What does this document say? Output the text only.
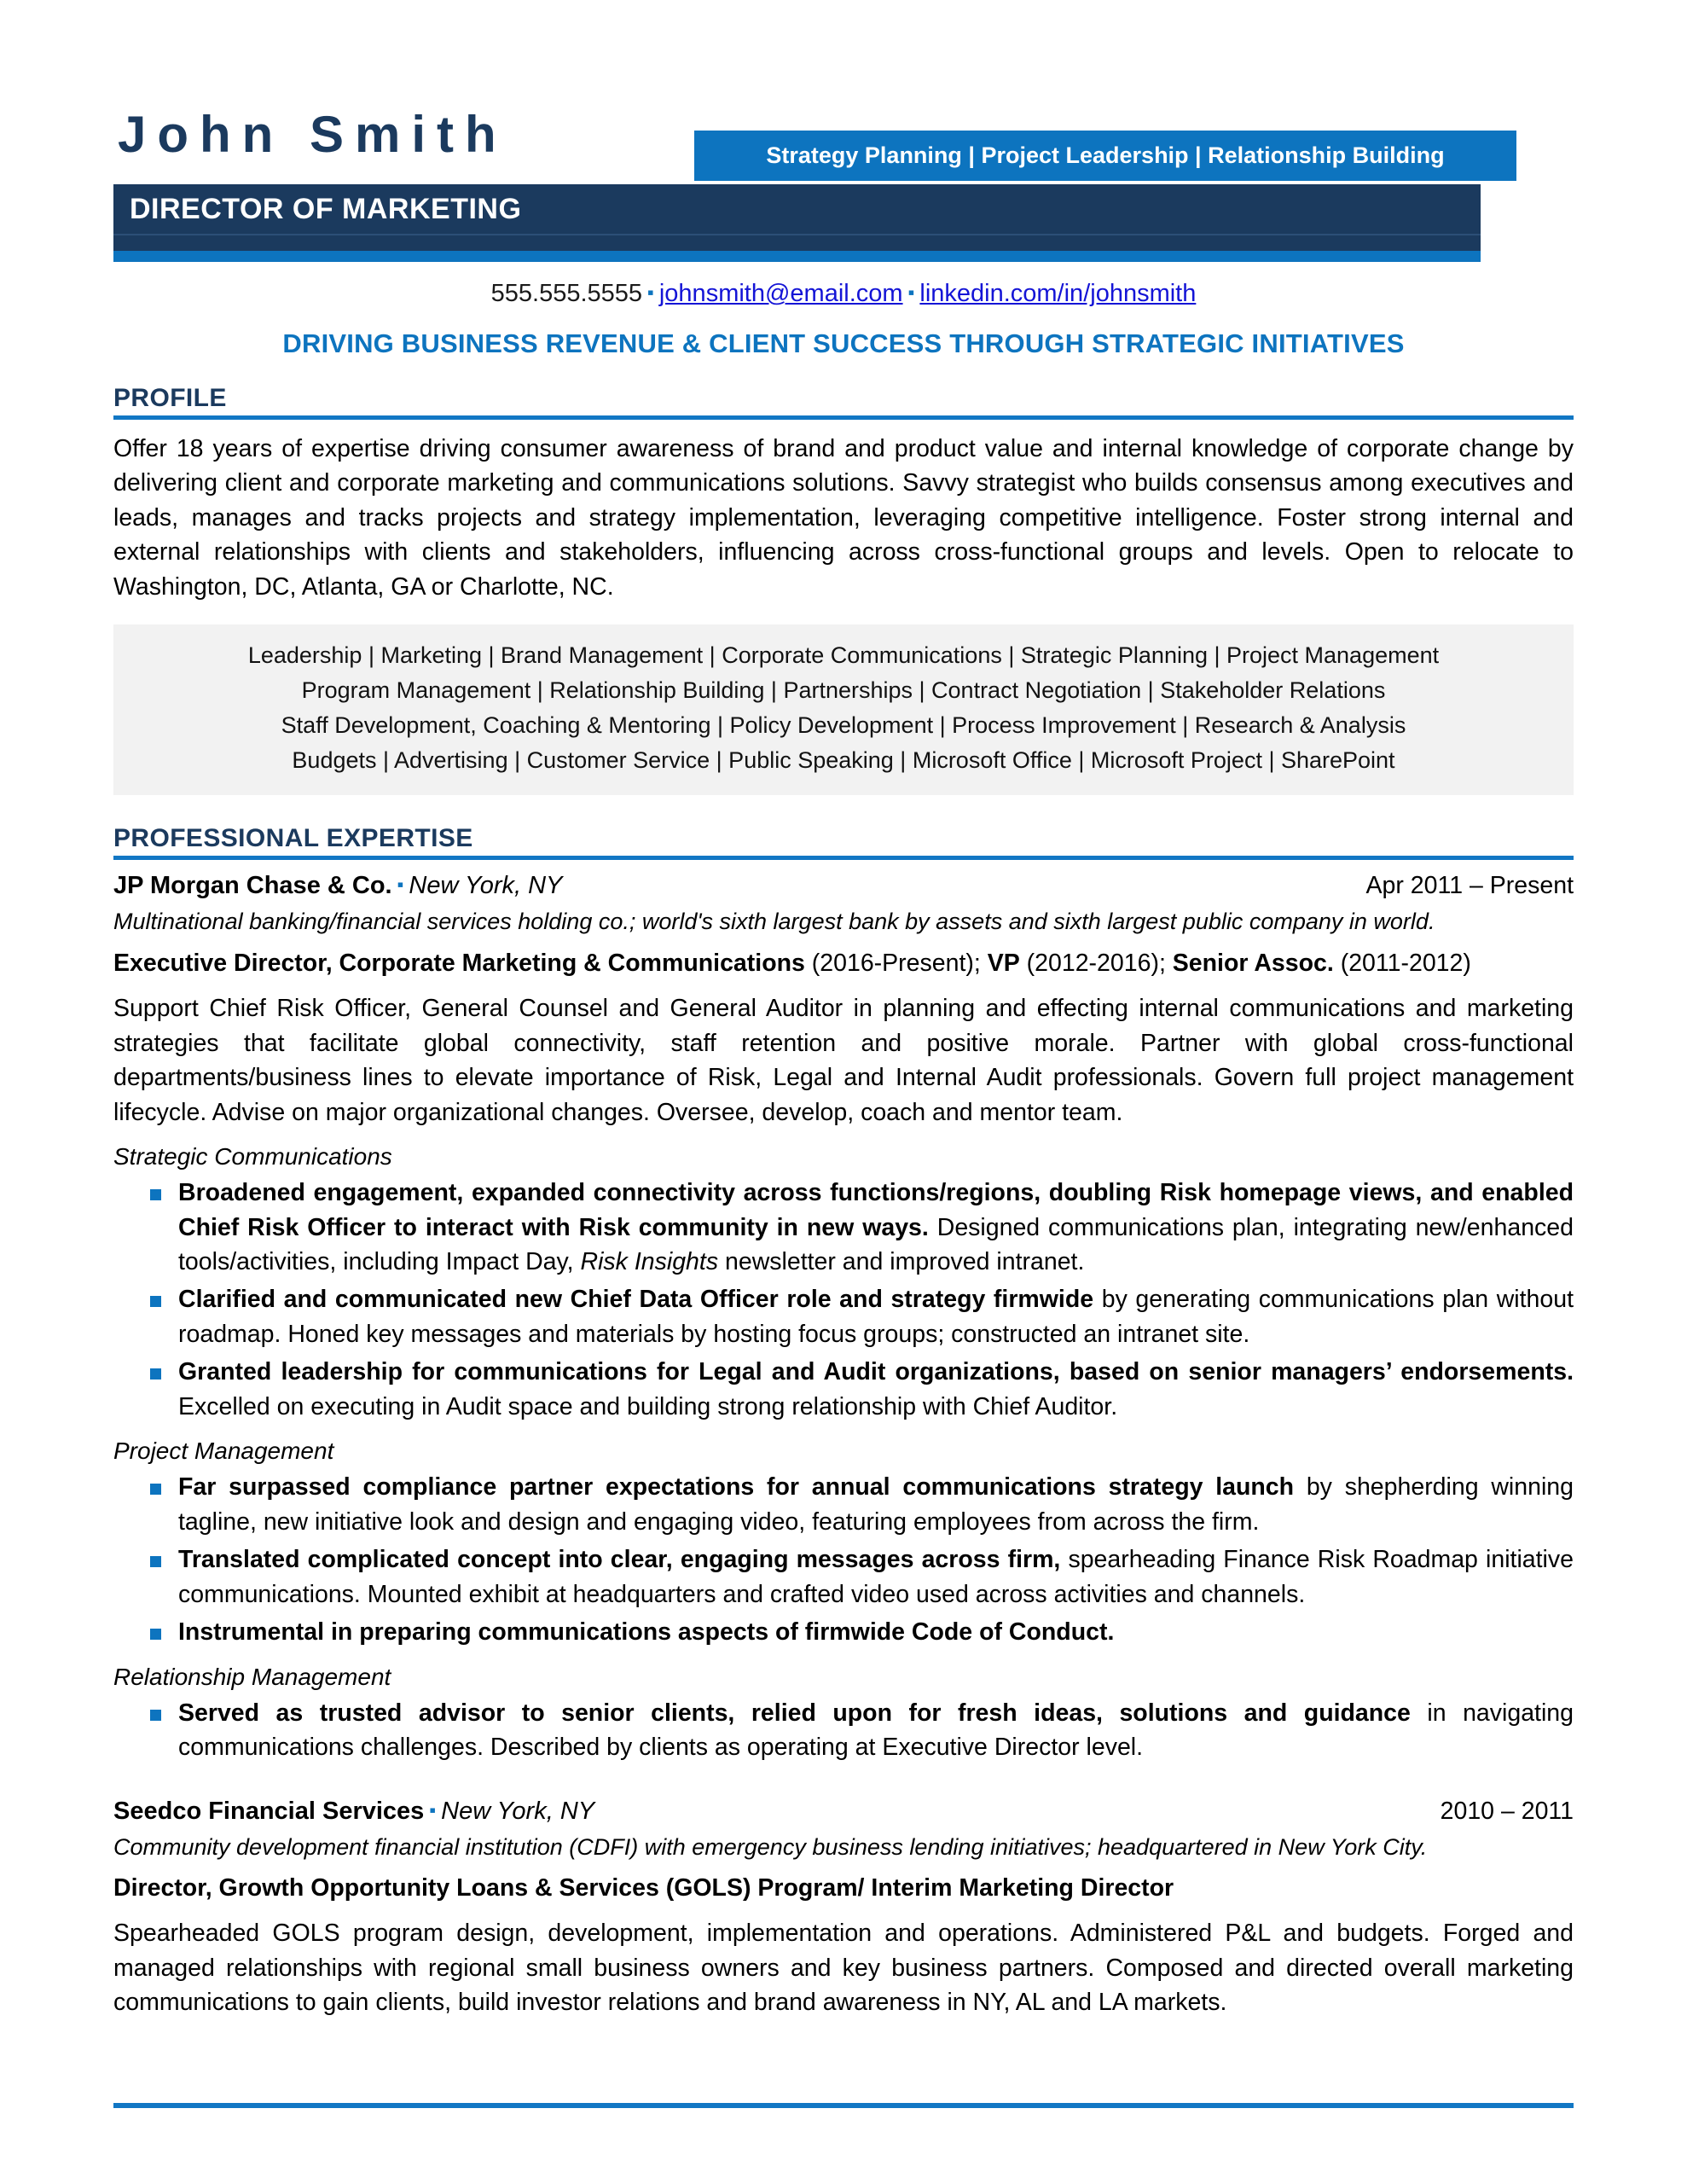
John Smith	Strategy Planning | Project Leadership | Relationship Building
DIRECTOR OF MARKETING
555.555.5555 ▪ johnsmith@email.com ▪ linkedin.com/in/johnsmith
DRIVING BUSINESS REVENUE & CLIENT SUCCESS THROUGH STRATEGIC INITIATIVES
PROFILE

Offer 18 years of expertise driving consumer awareness of brand and product value and internal knowledge of corporate change by delivering client and corporate marketing and communications solutions. Savvy strategist who builds consensus among executives and leads, manages and tracks projects and strategy implementation, leveraging competitive intelligence. Foster strong internal and external relationships with clients and stakeholders, influencing across cross-functional groups and levels. Open to relocate to Washington, DC, Atlanta, GA or Charlotte, NC.

Leadership | Marketing | Brand Management | Corporate Communications | Strategic Planning | Project Management
Program Management | Relationship Building | Partnerships | Contract Negotiation | Stakeholder Relations
Staff Development, Coaching & Mentoring | Policy Development | Process Improvement | Research & Analysis
Budgets | Advertising | Customer Service | Public Speaking | Microsoft Office | Microsoft Project | SharePoint
PROFESSIONAL EXPERTISE
JP Morgan Chase & Co. ▪ New York, NY	Apr 2011 – Present
Multinational banking/financial services holding co.; world's sixth largest bank by assets and sixth largest public company in world.
Executive Director, Corporate Marketing & Communications (2016-Present); VP (2012-2016); Senior Assoc. (2011-2012)

Support Chief Risk Officer, General Counsel and General Auditor in planning and effecting internal communications and marketing strategies that facilitate global connectivity, staff retention and positive morale. Partner with global cross-functional departments/business lines to elevate importance of Risk, Legal and Internal Audit professionals. Govern full project management lifecycle. Advise on major organizational changes. Oversee, develop, coach and mentor team.

Strategic Communications
Broadened engagement, expanded connectivity across functions/regions, doubling Risk homepage views, and enabled Chief Risk Officer to interact with Risk community in new ways. Designed communications plan, integrating new/enhanced tools/activities, including Impact Day, Risk Insights newsletter and improved intranet.
Clarified and communicated new Chief Data Officer role and strategy firmwide by generating communications plan without roadmap. Honed key messages and materials by hosting focus groups; constructed an intranet site.
Granted leadership for communications for Legal and Audit organizations, based on senior managers’ endorsements. Excelled on executing in Audit space and building strong relationship with Chief Auditor.
Project Management
Far surpassed compliance partner expectations for annual communications strategy launch by shepherding winning tagline, new initiative look and design and engaging video, featuring employees from across the firm.
Translated complicated concept into clear, engaging messages across firm, spearheading Finance Risk Roadmap initiative communications. Mounted exhibit at headquarters and crafted video used across activities and channels.
Instrumental in preparing communications aspects of firmwide Code of Conduct.
Relationship Management
Served as trusted advisor to senior clients, relied upon for fresh ideas, solutions and guidance in navigating communications challenges. Described by clients as operating at Executive Director level.
Seedco Financial Services ▪ New York, NY	2010 – 2011
Community development financial institution (CDFI) with emergency business lending initiatives; headquartered in New York City.
Director, Growth Opportunity Loans & Services (GOLS) Program/ Interim Marketing Director

Spearheaded GOLS program design, development, implementation and operations. Administered P&L and budgets. Forged and managed relationships with regional small business owners and key business partners. Composed and directed overall marketing communications to gain clients, build investor relations and brand awareness in NY, AL and LA markets.
